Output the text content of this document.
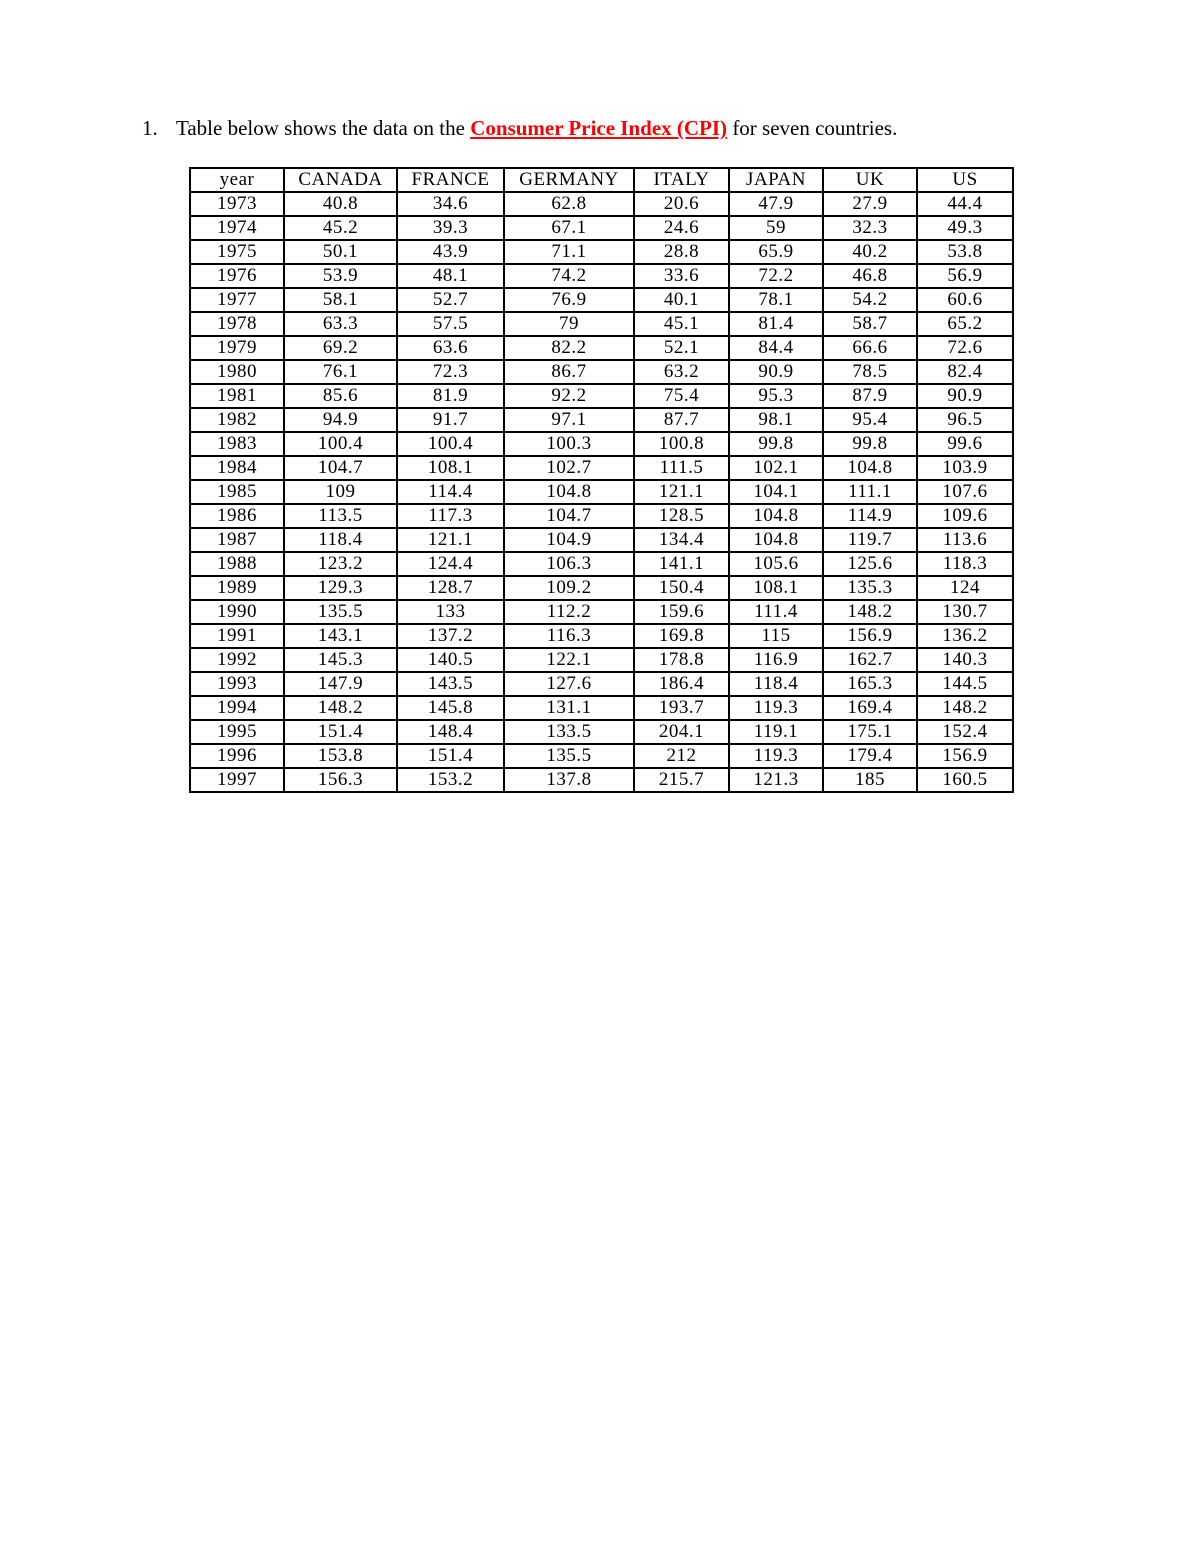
1. Table below shows the data on the Consumer Price Index (CPI) for seven countries.
year	CANADA	FRANCE	GERMANY	ITALY	JAPAN	UK	US
1973	40.8	34.6	62.8	20.6	47.9	27.9	44.4
1974	45.2	39.3	67.1	24.6	59	32.3	49.3
1975	50.1	43.9	71.1	28.8	65.9	40.2	53.8
1976	53.9	48.1	74.2	33.6	72.2	46.8	56.9
1977	58.1	52.7	76.9	40.1	78.1	54.2	60.6
1978	63.3	57.5	79	45.1	81.4	58.7	65.2
1979	69.2	63.6	82.2	52.1	84.4	66.6	72.6
1980	76.1	72.3	86.7	63.2	90.9	78.5	82.4
1981	85.6	81.9	92.2	75.4	95.3	87.9	90.9
1982	94.9	91.7	97.1	87.7	98.1	95.4	96.5
1983	100.4	100.4	100.3	100.8	99.8	99.8	99.6
1984	104.7	108.1	102.7	111.5	102.1	104.8	103.9
1985	109	114.4	104.8	121.1	104.1	111.1	107.6
1986	113.5	117.3	104.7	128.5	104.8	114.9	109.6
1987	118.4	121.1	104.9	134.4	104.8	119.7	113.6
1988	123.2	124.4	106.3	141.1	105.6	125.6	118.3
1989	129.3	128.7	109.2	150.4	108.1	135.3	124
1990	135.5	133	112.2	159.6	111.4	148.2	130.7
1991	143.1	137.2	116.3	169.8	115	156.9	136.2
1992	145.3	140.5	122.1	178.8	116.9	162.7	140.3
1993	147.9	143.5	127.6	186.4	118.4	165.3	144.5
1994	148.2	145.8	131.1	193.7	119.3	169.4	148.2
1995	151.4	148.4	133.5	204.1	119.1	175.1	152.4
1996	153.8	151.4	135.5	212	119.3	179.4	156.9
1997	156.3	153.2	137.8	215.7	121.3	185	160.5
